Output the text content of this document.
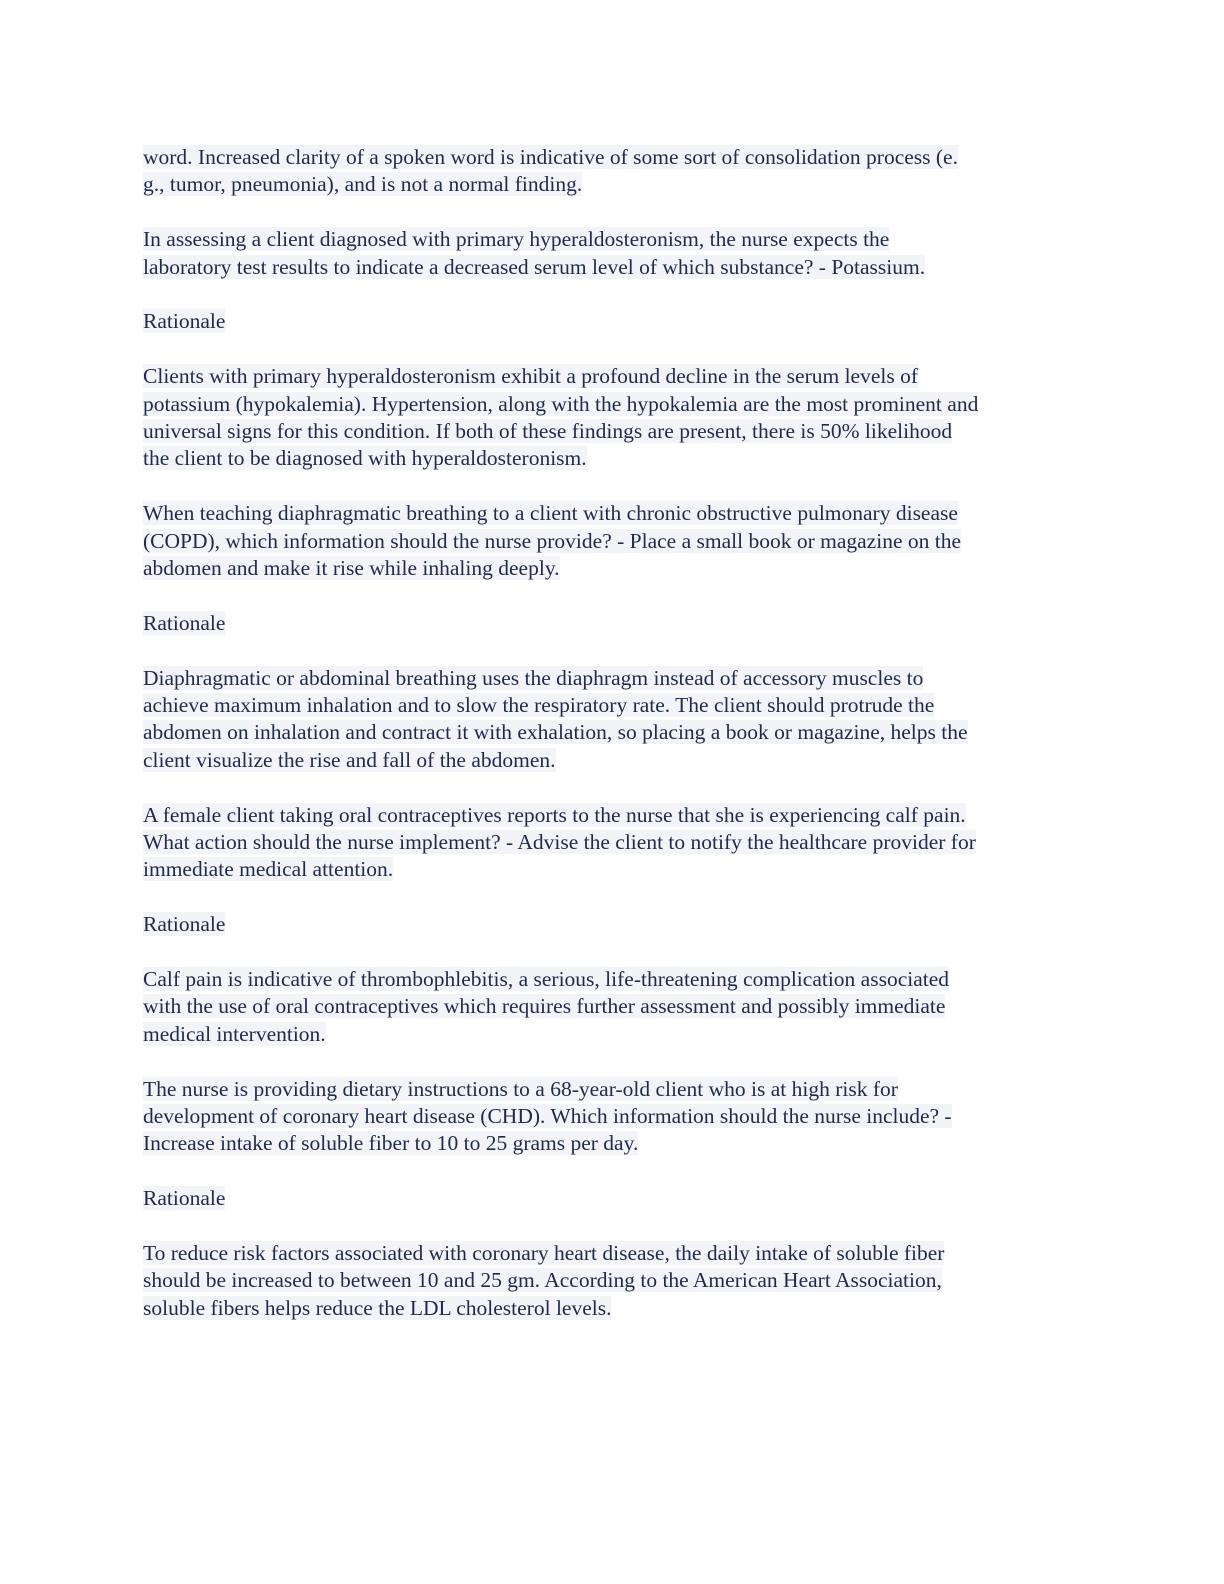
word. Increased clarity of a spoken word is indicative of some sort of consolidation process (e.
g., tumor, pneumonia), and is not a normal finding.

In assessing a client diagnosed with primary hyperaldosteronism, the nurse expects the
laboratory test results to indicate a decreased serum level of which substance? - Potassium.

Rationale

Clients with primary hyperaldosteronism exhibit a profound decline in the serum levels of
potassium (hypokalemia). Hypertension, along with the hypokalemia are the most prominent and
universal signs for this condition. If both of these findings are present, there is 50% likelihood
the client to be diagnosed with hyperaldosteronism.

When teaching diaphragmatic breathing to a client with chronic obstructive pulmonary disease
(COPD), which information should the nurse provide? - Place a small book or magazine on the
abdomen and make it rise while inhaling deeply.

Rationale

Diaphragmatic or abdominal breathing uses the diaphragm instead of accessory muscles to
achieve maximum inhalation and to slow the respiratory rate. The client should protrude the
abdomen on inhalation and contract it with exhalation, so placing a book or magazine, helps the
client visualize the rise and fall of the abdomen.

A female client taking oral contraceptives reports to the nurse that she is experiencing calf pain.
What action should the nurse implement? - Advise the client to notify the healthcare provider for
immediate medical attention.

Rationale

Calf pain is indicative of thrombophlebitis, a serious, life-threatening complication associated
with the use of oral contraceptives which requires further assessment and possibly immediate
medical intervention.

The nurse is providing dietary instructions to a 68-year-old client who is at high risk for
development of coronary heart disease (CHD). Which information should the nurse include? -
Increase intake of soluble fiber to 10 to 25 grams per day.

Rationale

To reduce risk factors associated with coronary heart disease, the daily intake of soluble fiber
should be increased to between 10 and 25 gm. According to the American Heart Association,
soluble fibers helps reduce the LDL cholesterol levels.
